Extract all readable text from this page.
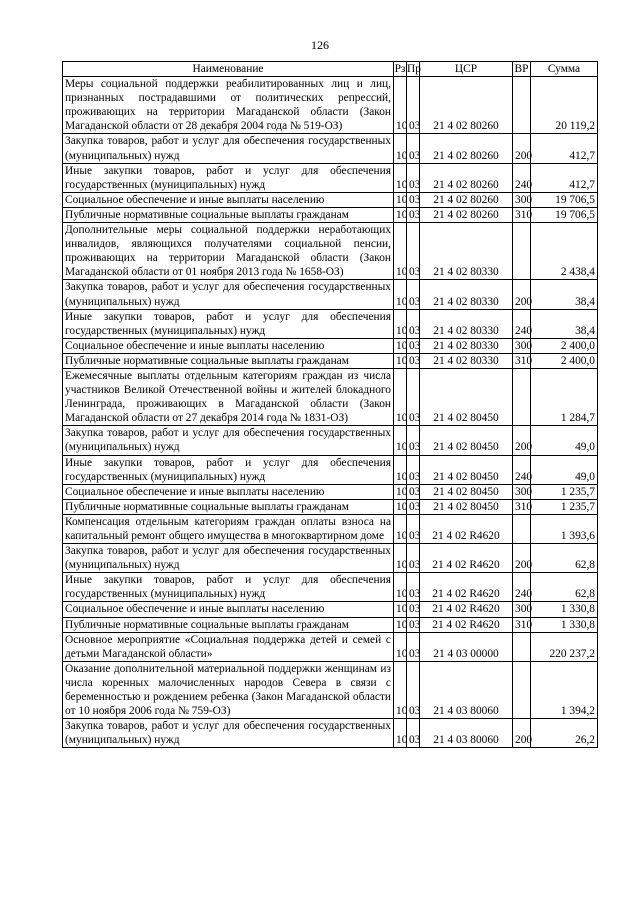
126
Наименование	Рз	Пр	ЦСР	ВР	Сумма
Меры социальной поддержки реабилитированных лиц и лиц, признанных пострадавшими от политических репрессий, проживающих на территории Магаданской области (Закон Магаданской области от 28 декабря 2004 года № 519-ОЗ)	10	03	21 4 02 80260		20 119,2
Закупка товаров, работ и услуг для обеспечения государственных (муниципальных) нужд	10	03	21 4 02 80260	200	412,7
Иные закупки товаров, работ и услуг для обеспечения государственных (муниципальных) нужд	10	03	21 4 02 80260	240	412,7
Социальное обеспечение и иные выплаты населению	10	03	21 4 02 80260	300	19 706,5
Публичные нормативные социальные выплаты гражданам	10	03	21 4 02 80260	310	19 706,5
Дополнительные меры социальной поддержки неработающих инвалидов, являющихся получателями социальной пенсии, проживающих на территории Магаданской области (Закон Магаданской области от 01 ноября 2013 года № 1658-ОЗ)	10	03	21 4 02 80330		2 438,4
Закупка товаров, работ и услуг для обеспечения государственных (муниципальных) нужд	10	03	21 4 02 80330	200	38,4
Иные закупки товаров, работ и услуг для обеспечения государственных (муниципальных) нужд	10	03	21 4 02 80330	240	38,4
Социальное обеспечение и иные выплаты населению	10	03	21 4 02 80330	300	2 400,0
Публичные нормативные социальные выплаты гражданам	10	03	21 4 02 80330	310	2 400,0
Ежемесячные выплаты отдельным категориям граждан из числа участников Великой Отечественной войны и жителей блокадного Ленинграда, проживающих в Магаданской области (Закон Магаданской области от 27 декабря 2014 года № 1831-ОЗ)	10	03	21 4 02 80450		1 284,7
Закупка товаров, работ и услуг для обеспечения государственных (муниципальных) нужд	10	03	21 4 02 80450	200	49,0
Иные закупки товаров, работ и услуг для обеспечения государственных (муниципальных) нужд	10	03	21 4 02 80450	240	49,0
Социальное обеспечение и иные выплаты населению	10	03	21 4 02 80450	300	1 235,7
Публичные нормативные социальные выплаты гражданам	10	03	21 4 02 80450	310	1 235,7
Компенсация отдельным категориям граждан оплаты взноса на капитальный ремонт общего имущества в многоквартирном доме	10	03	21 4 02 R4620		1 393,6
Закупка товаров, работ и услуг для обеспечения государственных (муниципальных) нужд	10	03	21 4 02 R4620	200	62,8
Иные закупки товаров, работ и услуг для обеспечения государственных (муниципальных) нужд	10	03	21 4 02 R4620	240	62,8
Социальное обеспечение и иные выплаты населению	10	03	21 4 02 R4620	300	1 330,8
Публичные нормативные социальные выплаты гражданам	10	03	21 4 02 R4620	310	1 330,8
Основное мероприятие «Социальная поддержка детей и семей с детьми Магаданской области»	10	03	21 4 03 00000		220 237,2
Оказание дополнительной материальной поддержки женщинам из числа коренных малочисленных народов Севера в связи с беременностью и рождением ребенка (Закон Магаданской области от 10 ноября 2006 года № 759-ОЗ)	10	03	21 4 03 80060		1 394,2
Закупка товаров, работ и услуг для обеспечения государственных (муниципальных) нужд	10	03	21 4 03 80060	200	26,2
